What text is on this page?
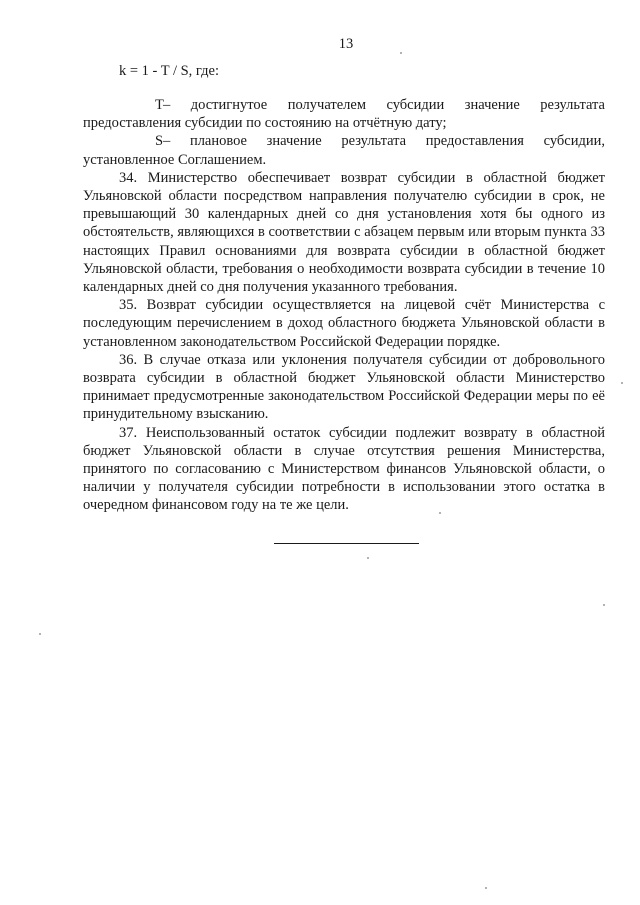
13
k = 1 - T / S, где:

T– достигнутое получателем субсидии значение результата предоставления субсидии по состоянию на отчётную дату;

S– плановое значение результата предоставления субсидии, установленное Соглашением.

34. Министерство обеспечивает возврат субсидии в областной бюджет Ульяновской области посредством направления получателю субсидии в срок, не превышающий 30 календарных дней со дня установления хотя бы одного из обстоятельств, являющихся в соответствии с абзацем первым или вторым пункта 33 настоящих Правил основаниями для возврата субсидии в областной бюджет Ульяновской области, требования о необходимости возврата субсидии в течение 10 календарных дней со дня получения указанного требования.

35. Возврат субсидии осуществляется на лицевой счёт Министерства с последующим перечислением в доход областного бюджета Ульяновской области в установленном законодательством Российской Федерации порядке.

36. В случае отказа или уклонения получателя субсидии от добровольного возврата субсидии в областной бюджет Ульяновской области Министерство принимает предусмотренные законодательством Российской Федерации меры по её принудительному взысканию.

37. Неиспользованный остаток субсидии подлежит возврату в областной бюджет Ульяновской области в случае отсутствия решения Министерства, принятого по согласованию с Министерством финансов Ульяновской области, о наличии у получателя субсидии потребности в использовании этого остатка в очередном финансовом году на те же цели.
